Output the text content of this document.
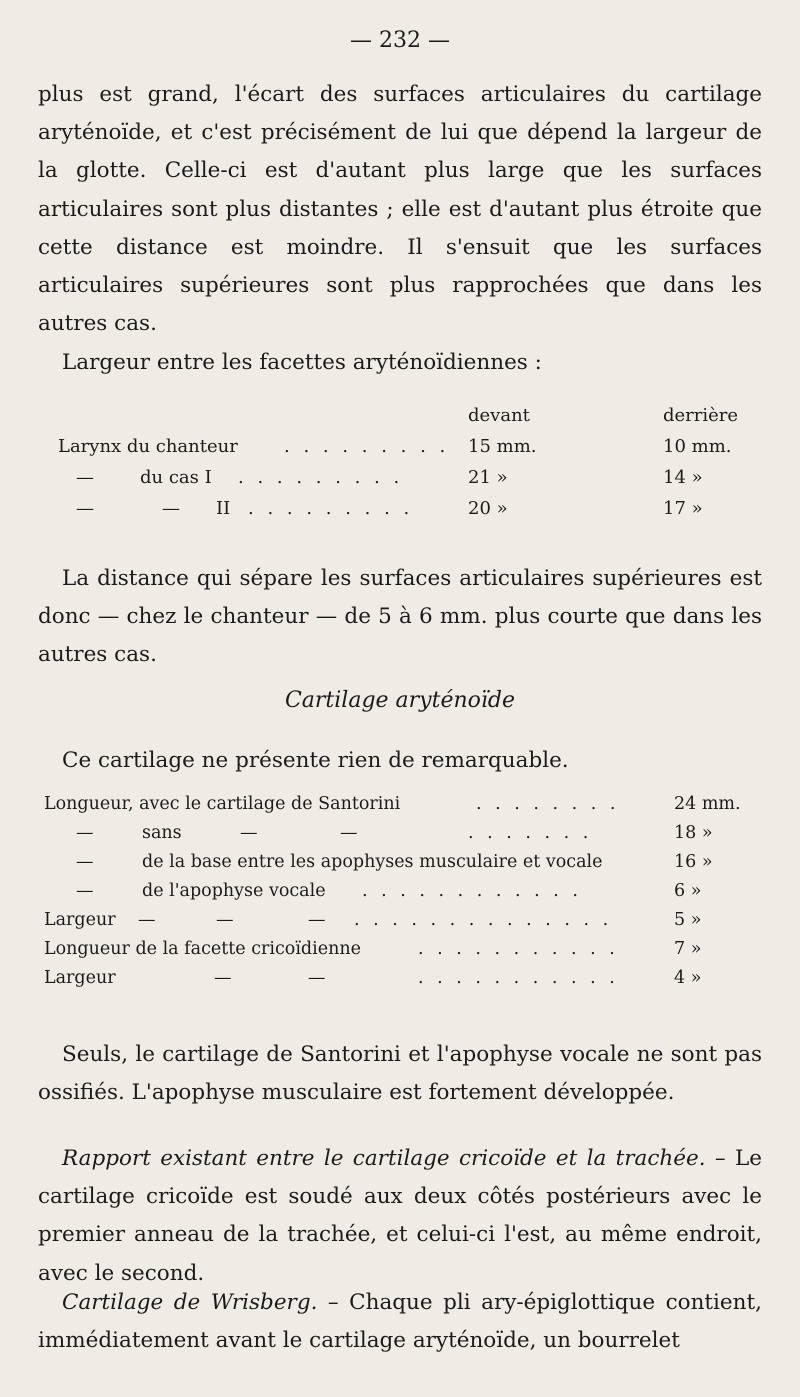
— 232 —
plus est grand, l'écart des surfaces articulaires du cartilage aryténoïde, et c'est précisément de lui que dépend la largeur de la glotte. Celle-ci est d'autant plus large que les surfaces articulaires sont plus distantes ; elle est d'autant plus étroite que cette distance est moindre. Il s'ensuit que les surfaces articulaires supérieures sont plus rapprochées que dans les autres cas.
Largeur entre les facettes aryténoïdiennes :
devant	derrière
Larynx du chanteur	. . . . . . . . . 15 mm.	10 mm.
—	du cas I . . . . . . . . .	21 »	14 »
—	— II . . . . . . . . .	20 »	17 »
La distance qui sépare les surfaces articulaires supérieures est donc — chez le chanteur — de 5 à 6 mm. plus courte que dans les autres cas.
Cartilage aryténoïde
Ce cartilage ne présente rien de remarquable.
Longueur, avec le cartilage de Santorini	. . . . . . . .	24 mm.
—	sans	—	—	. . . . . . .	18 »
—	de la base entre les apophyses musculaire et vocale	16 »
—	de l'apophyse vocale . . . . . . . . . . . .	6 »
Largeur —	—	— . . . . . . . . . . . . . .	5 »
Longueur de la facette cricoïdienne	. . . . . . . . . . .	7 »
Largeur	—	—	. . . . . . . . . . .	4 »
Seuls, le cartilage de Santorini et l'apophyse vocale ne sont pas ossifiés. L'apophyse musculaire est fortement développée.
Rapport existant entre le cartilage cricoïde et la trachée. – Le cartilage cricoïde est soudé aux deux côtés postérieurs avec le premier anneau de la trachée, et celui-ci l'est, au même endroit, avec le second.
Cartilage de Wrisberg. – Chaque pli ary-épiglottique contient, immédiatement avant le cartilage aryténoïde, un bourrelet
